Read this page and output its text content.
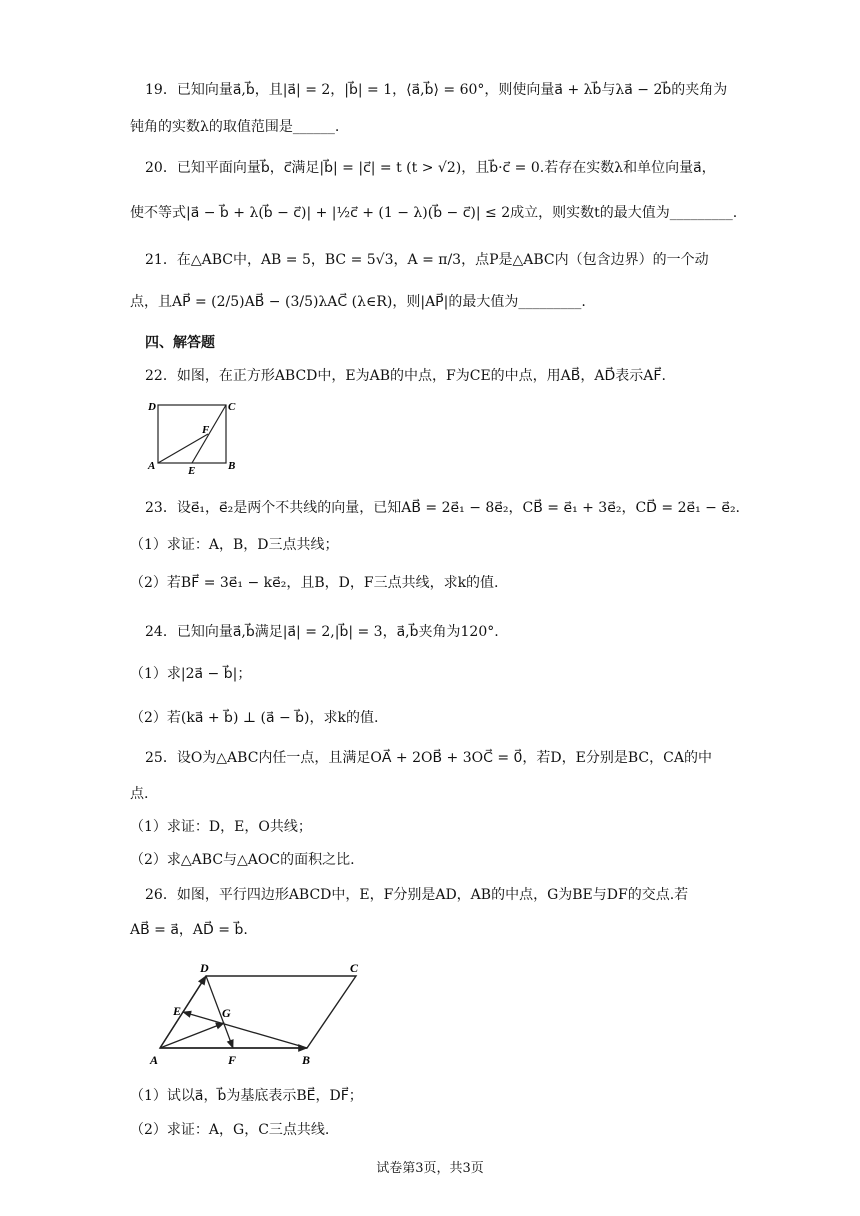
19．已知向量a⃗,b⃗，且|a⃗| = 2，|b⃗| = 1，⟨a⃗,b⃗⟩ = 60°，则使向量a⃗ + λb⃗与λa⃗ − 2b⃗的夹角为
钝角的实数λ的取值范围是______.
20．已知平面向量b⃗，c⃗满足|b⃗| = |c⃗| = t (t > √2)，且b⃗·c⃗ = 0.若存在实数λ和单位向量a⃗，
使不等式|a⃗ − b⃗ + λ(b⃗ − c⃗)| + |½c⃗ + (1 − λ)(b⃗ − c⃗)| ≤ 2成立，则实数t的最大值为_________.
21．在△ABC中，AB = 5，BC = 5√3，A = π/3，点P是△ABC内（包含边界）的一个动
点，且AP⃗ = (2/5)AB⃗ − (3/5)λAC⃗ (λ∈R)，则|AP⃗|的最大值为_________.
四、解答题
22．如图，在正方形ABCD中，E为AB的中点，F为CE的中点，用AB⃗，AD⃗表示AF⃗.
D	C
F
A	E	B
23．设e⃗₁，e⃗₂是两个不共线的向量，已知AB⃗ = 2e⃗₁ − 8e⃗₂，CB⃗ = e⃗₁ + 3e⃗₂，CD⃗ = 2e⃗₁ − e⃗₂.
（1）求证：A，B，D三点共线；
（2）若BF⃗ = 3e⃗₁ − ke⃗₂，且B，D，F三点共线，求k的值.
24．已知向量a⃗,b⃗满足|a⃗| = 2,|b⃗| = 3，a⃗,b⃗夹角为120°.
（1）求|2a⃗ − b⃗|；
（2）若(ka⃗ + b⃗) ⊥ (a⃗ − b⃗)，求k的值.
25．设O为△ABC内任一点，且满足OA⃗ + 2OB⃗ + 3OC⃗ = 0⃗，若D，E分别是BC，CA的中
点.
（1）求证：D，E，O共线；
（2）求△ABC与△AOC的面积之比.
26．如图，平行四边形ABCD中，E，F分别是AD，AB的中点，G为BE与DF的交点.若
AB⃗ = a⃗，AD⃗ = b⃗.
D	C
E	G
A	F	B
（1）试以a⃗，b⃗为基底表示BE⃗，DF⃗；
（2）求证：A，G，C三点共线.
试卷第3页，共3页
